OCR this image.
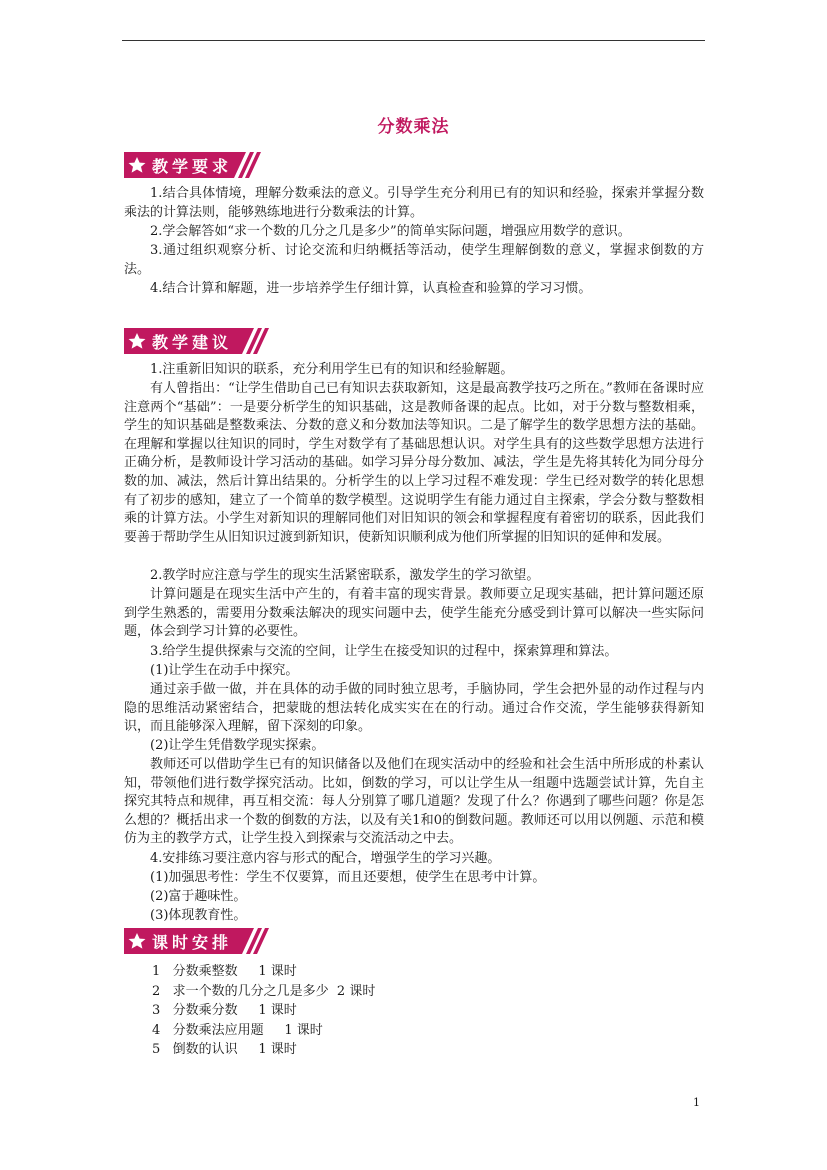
分数乘法
教学要求

1.结合具体情境，理解分数乘法的意义。引导学生充分利用已有的知识和经验，探索并掌握分数乘法的计算法则，能够熟练地进行分数乘法的计算。

2.学会解答如“求一个数的几分之几是多少”的简单实际问题，增强应用数学的意识。

3.通过组织观察分析、讨论交流和归纳概括等活动，使学生理解倒数的意义，掌握求倒数的方法。

4.结合计算和解题，进一步培养学生仔细计算，认真检查和验算的学习习惯。

教学建议

1.注重新旧知识的联系，充分利用学生已有的知识和经验解题。

有人曾指出：“让学生借助自己已有知识去获取新知，这是最高教学技巧之所在。”教师在备课时应注意两个“基础”：一是要分析学生的知识基础，这是教师备课的起点。比如，对于分数与整数相乘，学生的知识基础是整数乘法、分数的意义和分数加法等知识。二是了解学生的数学思想方法的基础。在理解和掌握以往知识的同时，学生对数学有了基础思想认识。对学生具有的这些数学思想方法进行正确分析，是教师设计学习活动的基础。如学习异分母分数加、减法，学生是先将其转化为同分母分数的加、减法，然后计算出结果的。分析学生的以上学习过程不难发现：学生已经对数学的转化思想有了初步的感知，建立了一个简单的数学模型。这说明学生有能力通过自主探索，学会分数与整数相乘的计算方法。小学生对新知识的理解同他们对旧知识的领会和掌握程度有着密切的联系，因此我们要善于帮助学生从旧知识过渡到新知识，使新知识顺利成为他们所掌握的旧知识的延伸和发展。

2.教学时应注意与学生的现实生活紧密联系，激发学生的学习欲望。

计算问题是在现实生活中产生的，有着丰富的现实背景。教师要立足现实基础，把计算问题还原到学生熟悉的，需要用分数乘法解决的现实问题中去，使学生能充分感受到计算可以解决一些实际问题，体会到学习计算的必要性。

3.给学生提供探索与交流的空间，让学生在接受知识的过程中，探索算理和算法。

(1)让学生在动手中探究。

通过亲手做一做，并在具体的动手做的同时独立思考，手脑协同，学生会把外显的动作过程与内隐的思维活动紧密结合，把蒙眬的想法转化成实实在在的行动。通过合作交流，学生能够获得新知识，而且能够深入理解，留下深刻的印象。

(2)让学生凭借数学现实探索。

教师还可以借助学生已有的知识储备以及他们在现实活动中的经验和社会生活中所形成的朴素认知，带领他们进行数学探究活动。比如，倒数的学习，可以让学生从一组题中选题尝试计算，先自主探究其特点和规律，再互相交流：每人分别算了哪几道题？发现了什么？你遇到了哪些问题？你是怎么想的？概括出求一个数的倒数的方法，以及有关1和0的倒数问题。教师还可以用以例题、示范和模仿为主的教学方式，让学生投入到探索与交流活动之中去。

4.安排练习要注意内容与形式的配合，增强学生的学习兴趣。

(1)加强思考性：学生不仅要算，而且还要想，使学生在思考中计算。

(2)富于趣味性。

(3)体现教育性。

课时安排
1   分数乘整数     1 课时
2   求一个数的几分之几是多少  2 课时
3   分数乘分数     1 课时
4   分数乘法应用题     1 课时
5   倒数的认识     1 课时
1
